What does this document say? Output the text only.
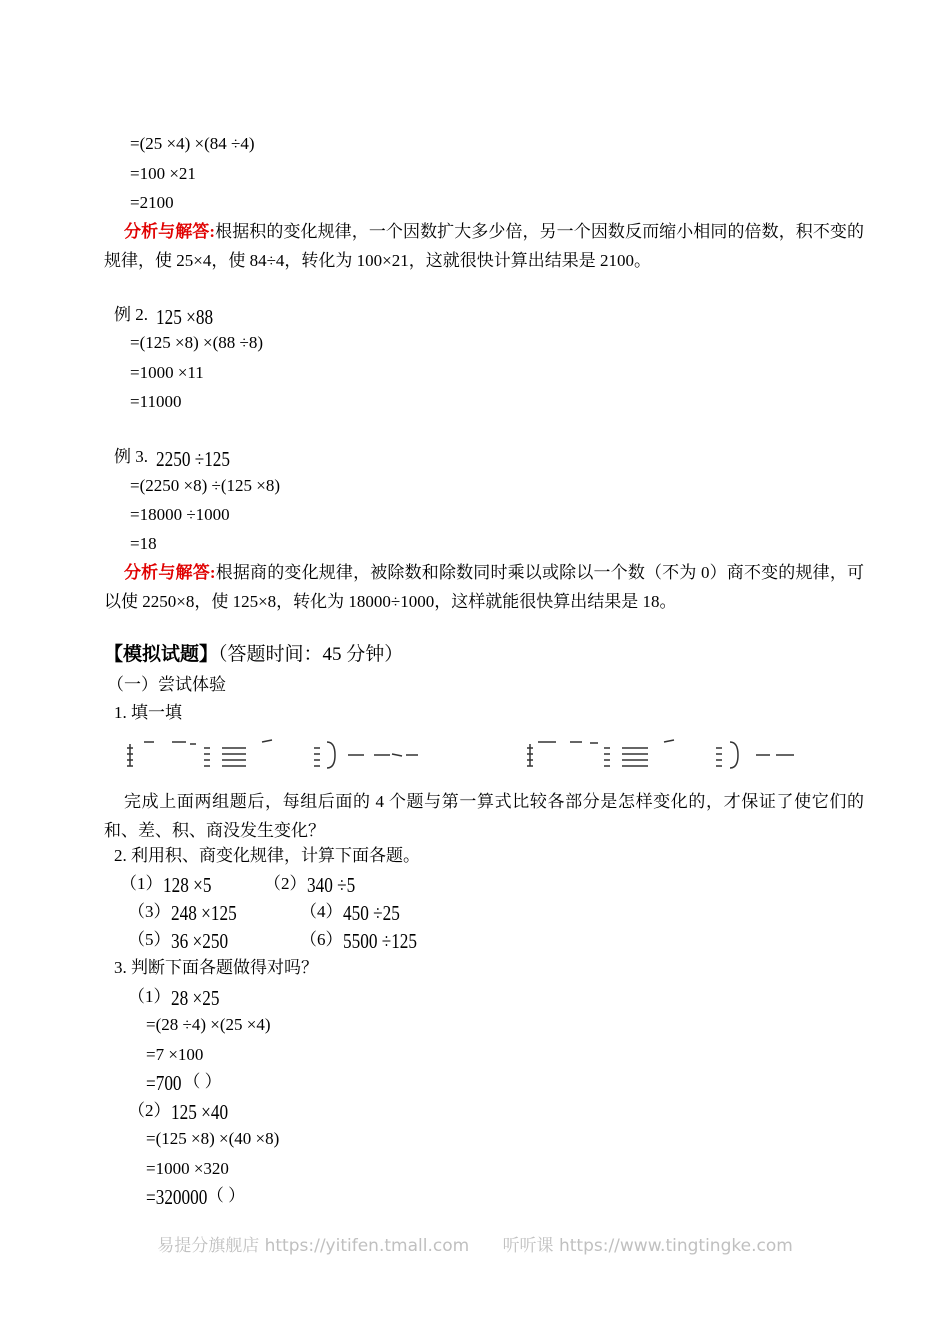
=(25 ×4) ×(84 ÷4)
=100 ×21
=2100
分析与解答:根据积的变化规律，一个因数扩大多少倍，另一个因数反而缩小相同的倍数，积不变的规律，使 25×4，使 84÷4，转化为 100×21，这就很快计算出结果是 2100。
例 2. 125 ×88
=(125 ×8) ×(88 ÷8)
=1000 ×11
=11000
例 3. 2250 ÷125
=(2250 ×8) ÷(125 ×8)
=18000 ÷1000
=18
分析与解答:根据商的变化规律，被除数和除数同时乘以或除以一个数（不为 0）商不变的规律，可以使 2250×8，使 125×8，转化为 18000÷1000，这样就能很快算出结果是 18。
【模拟试题】（答题时间：45 分钟）
（一）尝试体验
1. 填一填
完成上面两组题后，每组后面的 4 个题与第一算式比较各部分是怎样变化的，才保证了使它们的和、差、积、商没发生变化？
2. 利用积、商变化规律，计算下面各题。
（1）128 ×5	（2）340 ÷5
（3）248 ×125	（4）450 ÷25
（5）36 ×250	（6）5500 ÷125
3. 判断下面各题做得对吗？
（1）28 ×25
=(28 ÷4) ×(25 ×4)
=7 ×100
=700 （ ）
（2）125 ×40
=(125 ×8) ×(40 ×8)
=1000 ×320
=320000（ ）
易提分旗舰店 https://yitifen.tmall.com 听听课 https://www.tingtingke.com
